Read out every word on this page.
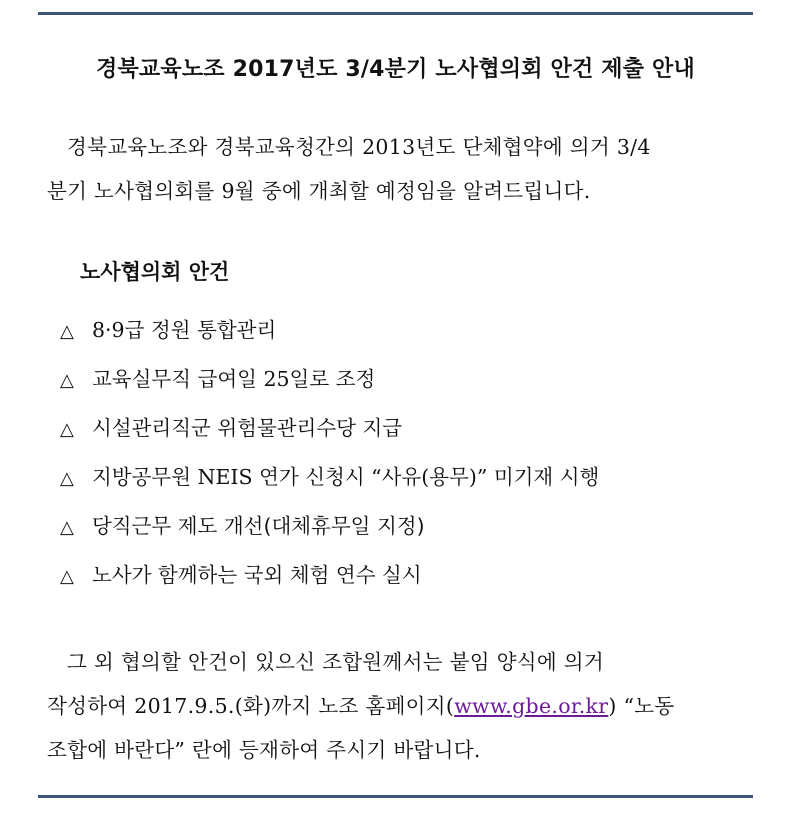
경북교육노조 2017년도 3/4분기 노사협의회 안건 제출 안내
경북교육노조와 경북교육청간의 2013년도 단체협약에 의거 3/4
분기 노사협의회를 9월 중에 개최할 예정임을 알려드립니다.
노사협의회 안건
△ 8·9급 정원 통합관리
△ 교육실무직 급여일 25일로 조정
△ 시설관리직군 위험물관리수당 지급
△ 지방공무원 NEIS 연가 신청시 “사유(용무)” 미기재 시행
△ 당직근무 제도 개선(대체휴무일 지정)
△ 노사가 함께하는 국외 체험 연수 실시
그 외 협의할 안건이 있으신 조합원께서는 붙임 양식에 의거
작성하여 2017.9.5.(화)까지 노조 홈페이지(www.gbe.or.kr) “노동
조합에 바란다” 란에 등재하여 주시기 바랍니다.
